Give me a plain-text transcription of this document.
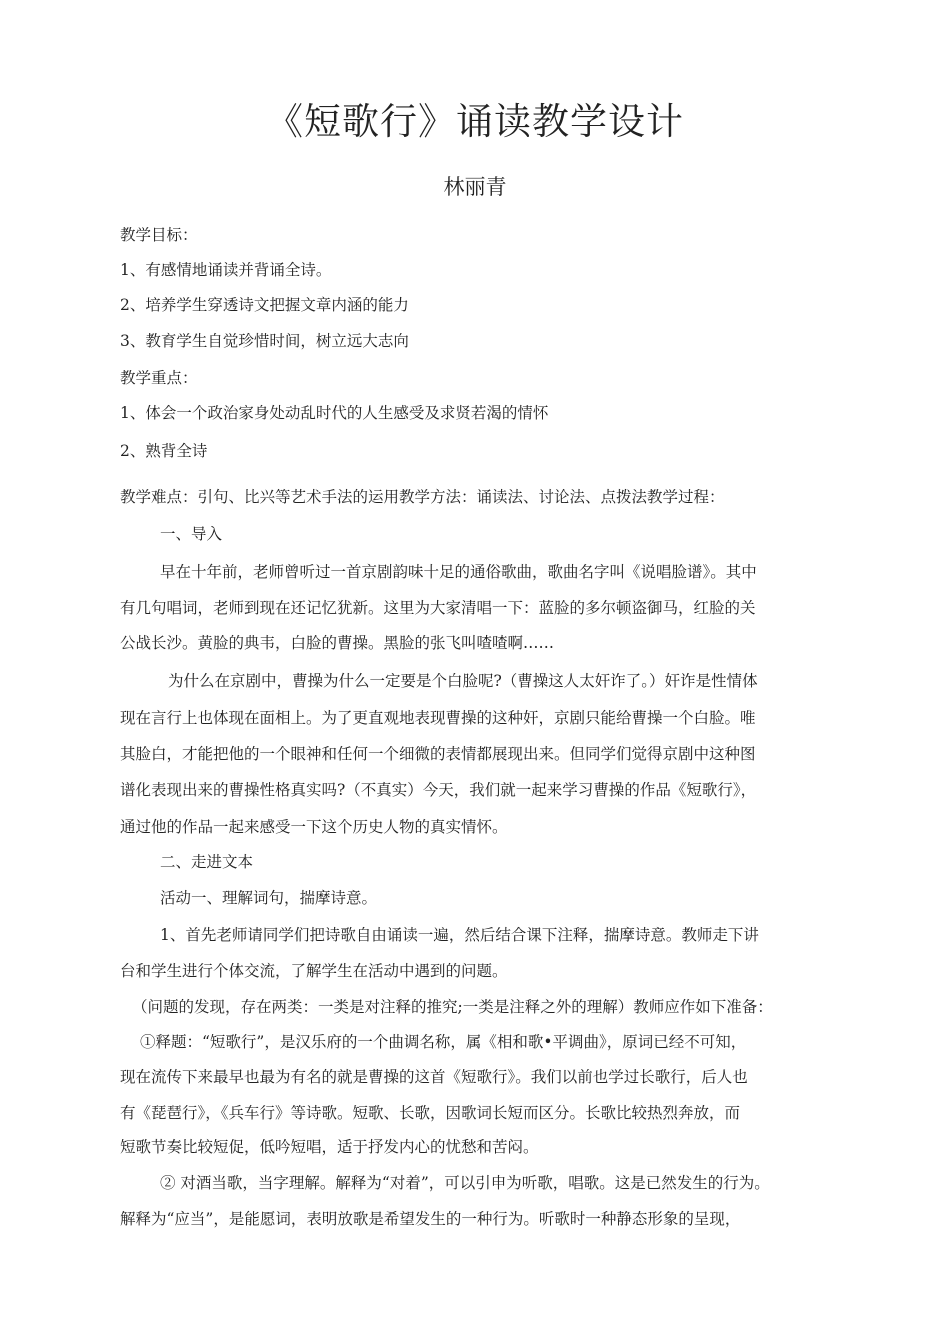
《短歌行》诵读教学设计
林丽青
教学目标：
1、有感情地诵读并背诵全诗。
2、培养学生穿透诗文把握文章内涵的能力
3、教育学生自觉珍惜时间，树立远大志向
教学重点：
1、体会一个政治家身处动乱时代的人生感受及求贤若渴的情怀
2、熟背全诗
教学难点：引句、比兴等艺术手法的运用教学方法：诵读法、讨论法、点拨法教学过程：
一、导入
早在十年前，老师曾听过一首京剧韵味十足的通俗歌曲，歌曲名字叫《说唱脸谱》。其中
有几句唱词，老师到现在还记忆犹新。这里为大家清唱一下：蓝脸的多尔顿盗御马，红脸的关
公战长沙。黄脸的典韦，白脸的曹操。黑脸的张飞叫喳喳啊……
为什么在京剧中，曹操为什么一定要是个白脸呢?（曹操这人太奸诈了。）奸诈是性情体
现在言行上也体现在面相上。为了更直观地表现曹操的这种奸，京剧只能给曹操一个白脸。唯
其脸白，才能把他的一个眼神和任何一个细微的表情都展现出来。但同学们觉得京剧中这种图
谱化表现出来的曹操性格真实吗?（不真实）今天，我们就一起来学习曹操的作品《短歌行》，
通过他的作品一起来感受一下这个历史人物的真实情怀。
二、走进文本
活动一、理解词句，揣摩诗意。
1、首先老师请同学们把诗歌自由诵读一遍，然后结合课下注释，揣摩诗意。教师走下讲
台和学生进行个体交流，了解学生在活动中遇到的问题。
（问题的发现，存在两类：一类是对注释的推究;一类是注释之外的理解）教师应作如下准备：
①释题：“短歌行”，是汉乐府的一个曲调名称，属《相和歌•平调曲》，原词已经不可知，
现在流传下来最早也最为有名的就是曹操的这首《短歌行》。我们以前也学过长歌行，后人也
有《琵琶行》，《兵车行》等诗歌。短歌、长歌，因歌词长短而区分。长歌比较热烈奔放，而
短歌节奏比较短促，低吟短唱，适于抒发内心的忧愁和苦闷。
② 对酒当歌，当字理解。解释为“对着”，可以引申为听歌，唱歌。这是已然发生的行为。
解释为“应当”，是能愿词，表明放歌是希望发生的一种行为。听歌时一种静态形象的呈现，
